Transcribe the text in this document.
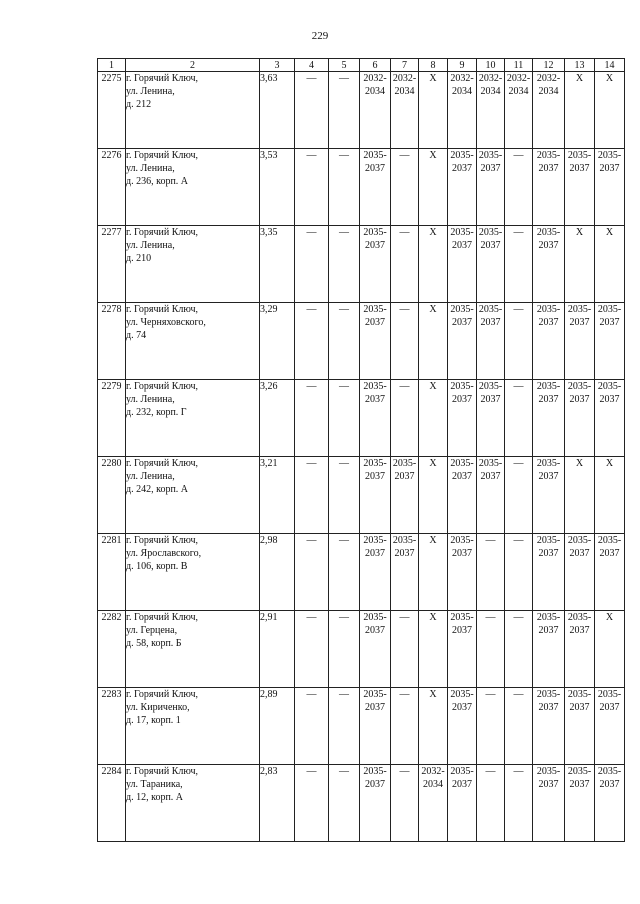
229
1	2	3	4	5	6	7	8	9	10	11	12	13	14
2275	г. Горячий Ключ,
ул. Ленина,
д. 212	3,63	—	—	2032-
2034	2032-
2034	X	2032-
2034	2032-
2034	2032-
2034	2032-
2034	X	X

2276	г. Горячий Ключ,
ул. Ленина,
д. 236, корп. А	3,53	—	—	2035-
2037	—	X	2035-
2037	2035-
2037	—	2035-
2037	2035-
2037	2035-
2037

2277	г. Горячий Ключ,
ул. Ленина,
д. 210	3,35	—	—	2035-
2037	—	X	2035-
2037	2035-
2037	—	2035-
2037	X	X

2278	г. Горячий Ключ,
ул. Черняховского,
д. 74	3,29	—	—	2035-
2037	—	X	2035-
2037	2035-
2037	—	2035-
2037	2035-
2037	2035-
2037

2279	г. Горячий Ключ,
ул. Ленина,
д. 232, корп. Г	3,26	—	—	2035-
2037	—	X	2035-
2037	2035-
2037	—	2035-
2037	2035-
2037	2035-
2037

2280	г. Горячий Ключ,
ул. Ленина,
д. 242, корп. А	3,21	—	—	2035-
2037	2035-
2037	X	2035-
2037	2035-
2037	—	2035-
2037	X	X

2281	г. Горячий Ключ,
ул. Ярославского,
д. 106, корп. В	2,98	—	—	2035-
2037	2035-
2037	X	2035-
2037	—	—	2035-
2037	2035-
2037	2035-
2037

2282	г. Горячий Ключ,
ул. Герцена,
д. 58, корп. Б	2,91	—	—	2035-
2037	—	X	2035-
2037	—	—	2035-
2037	2035-
2037	X

2283	г. Горячий Ключ,
ул. Кириченко,
д. 17, корп. 1	2,89	—	—	2035-
2037	—	X	2035-
2037	—	—	2035-
2037	2035-
2037	2035-
2037

2284	г. Горячий Ключ,
ул. Тараника,
д. 12, корп. А	2,83	—	—	2035-
2037	—	2032-
2034	2035-
2037	—	—	2035-
2037	2035-
2037	2035-
2037
